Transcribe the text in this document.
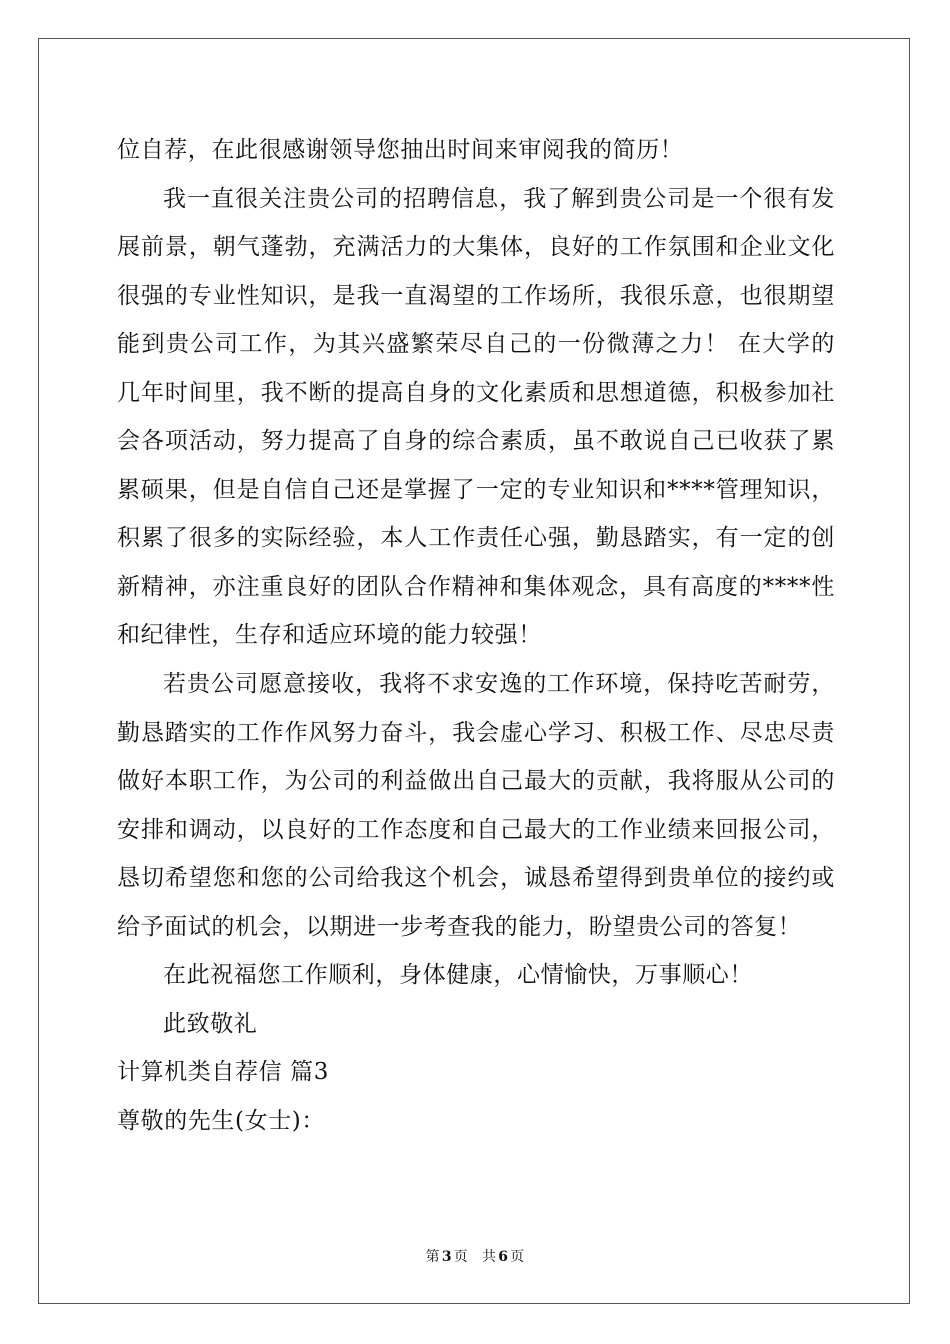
位自荐，在此很感谢领导您抽出时间来审阅我的简历！
我一直很关注贵公司的招聘信息，我了解到贵公司是一个很有发
展前景，朝气蓬勃，充满活力的大集体，良好的工作氛围和企业文化
很强的专业性知识，是我一直渴望的工作场所，我很乐意，也很期望
能到贵公司工作，为其兴盛繁荣尽自己的一份微薄之力！ 在大学的
几年时间里，我不断的提高自身的文化素质和思想道德，积极参加社
会各项活动，努力提高了自身的综合素质，虽不敢说自己已收获了累
累硕果，但是自信自己还是掌握了一定的专业知识和****管理知识，
积累了很多的实际经验，本人工作责任心强，勤恳踏实，有一定的创
新精神，亦注重良好的团队合作精神和集体观念，具有高度的****性
和纪律性，生存和适应环境的能力较强！
若贵公司愿意接收，我将不求安逸的工作环境，保持吃苦耐劳，
勤恳踏实的工作作风努力奋斗，我会虚心学习、积极工作、尽忠尽责
做好本职工作，为公司的利益做出自己最大的贡献，我将服从公司的
安排和调动，以良好的工作态度和自己最大的工作业绩来回报公司，
恳切希望您和您的公司给我这个机会，诚恳希望得到贵单位的接约或
给予面试的机会，以期进一步考查我的能力，盼望贵公司的答复！
在此祝福您工作顺利，身体健康，心情愉快，万事顺心！
此致敬礼
计算机类自荐信 篇3
尊敬的先生(女士)：
第 3 页 共 6 页
